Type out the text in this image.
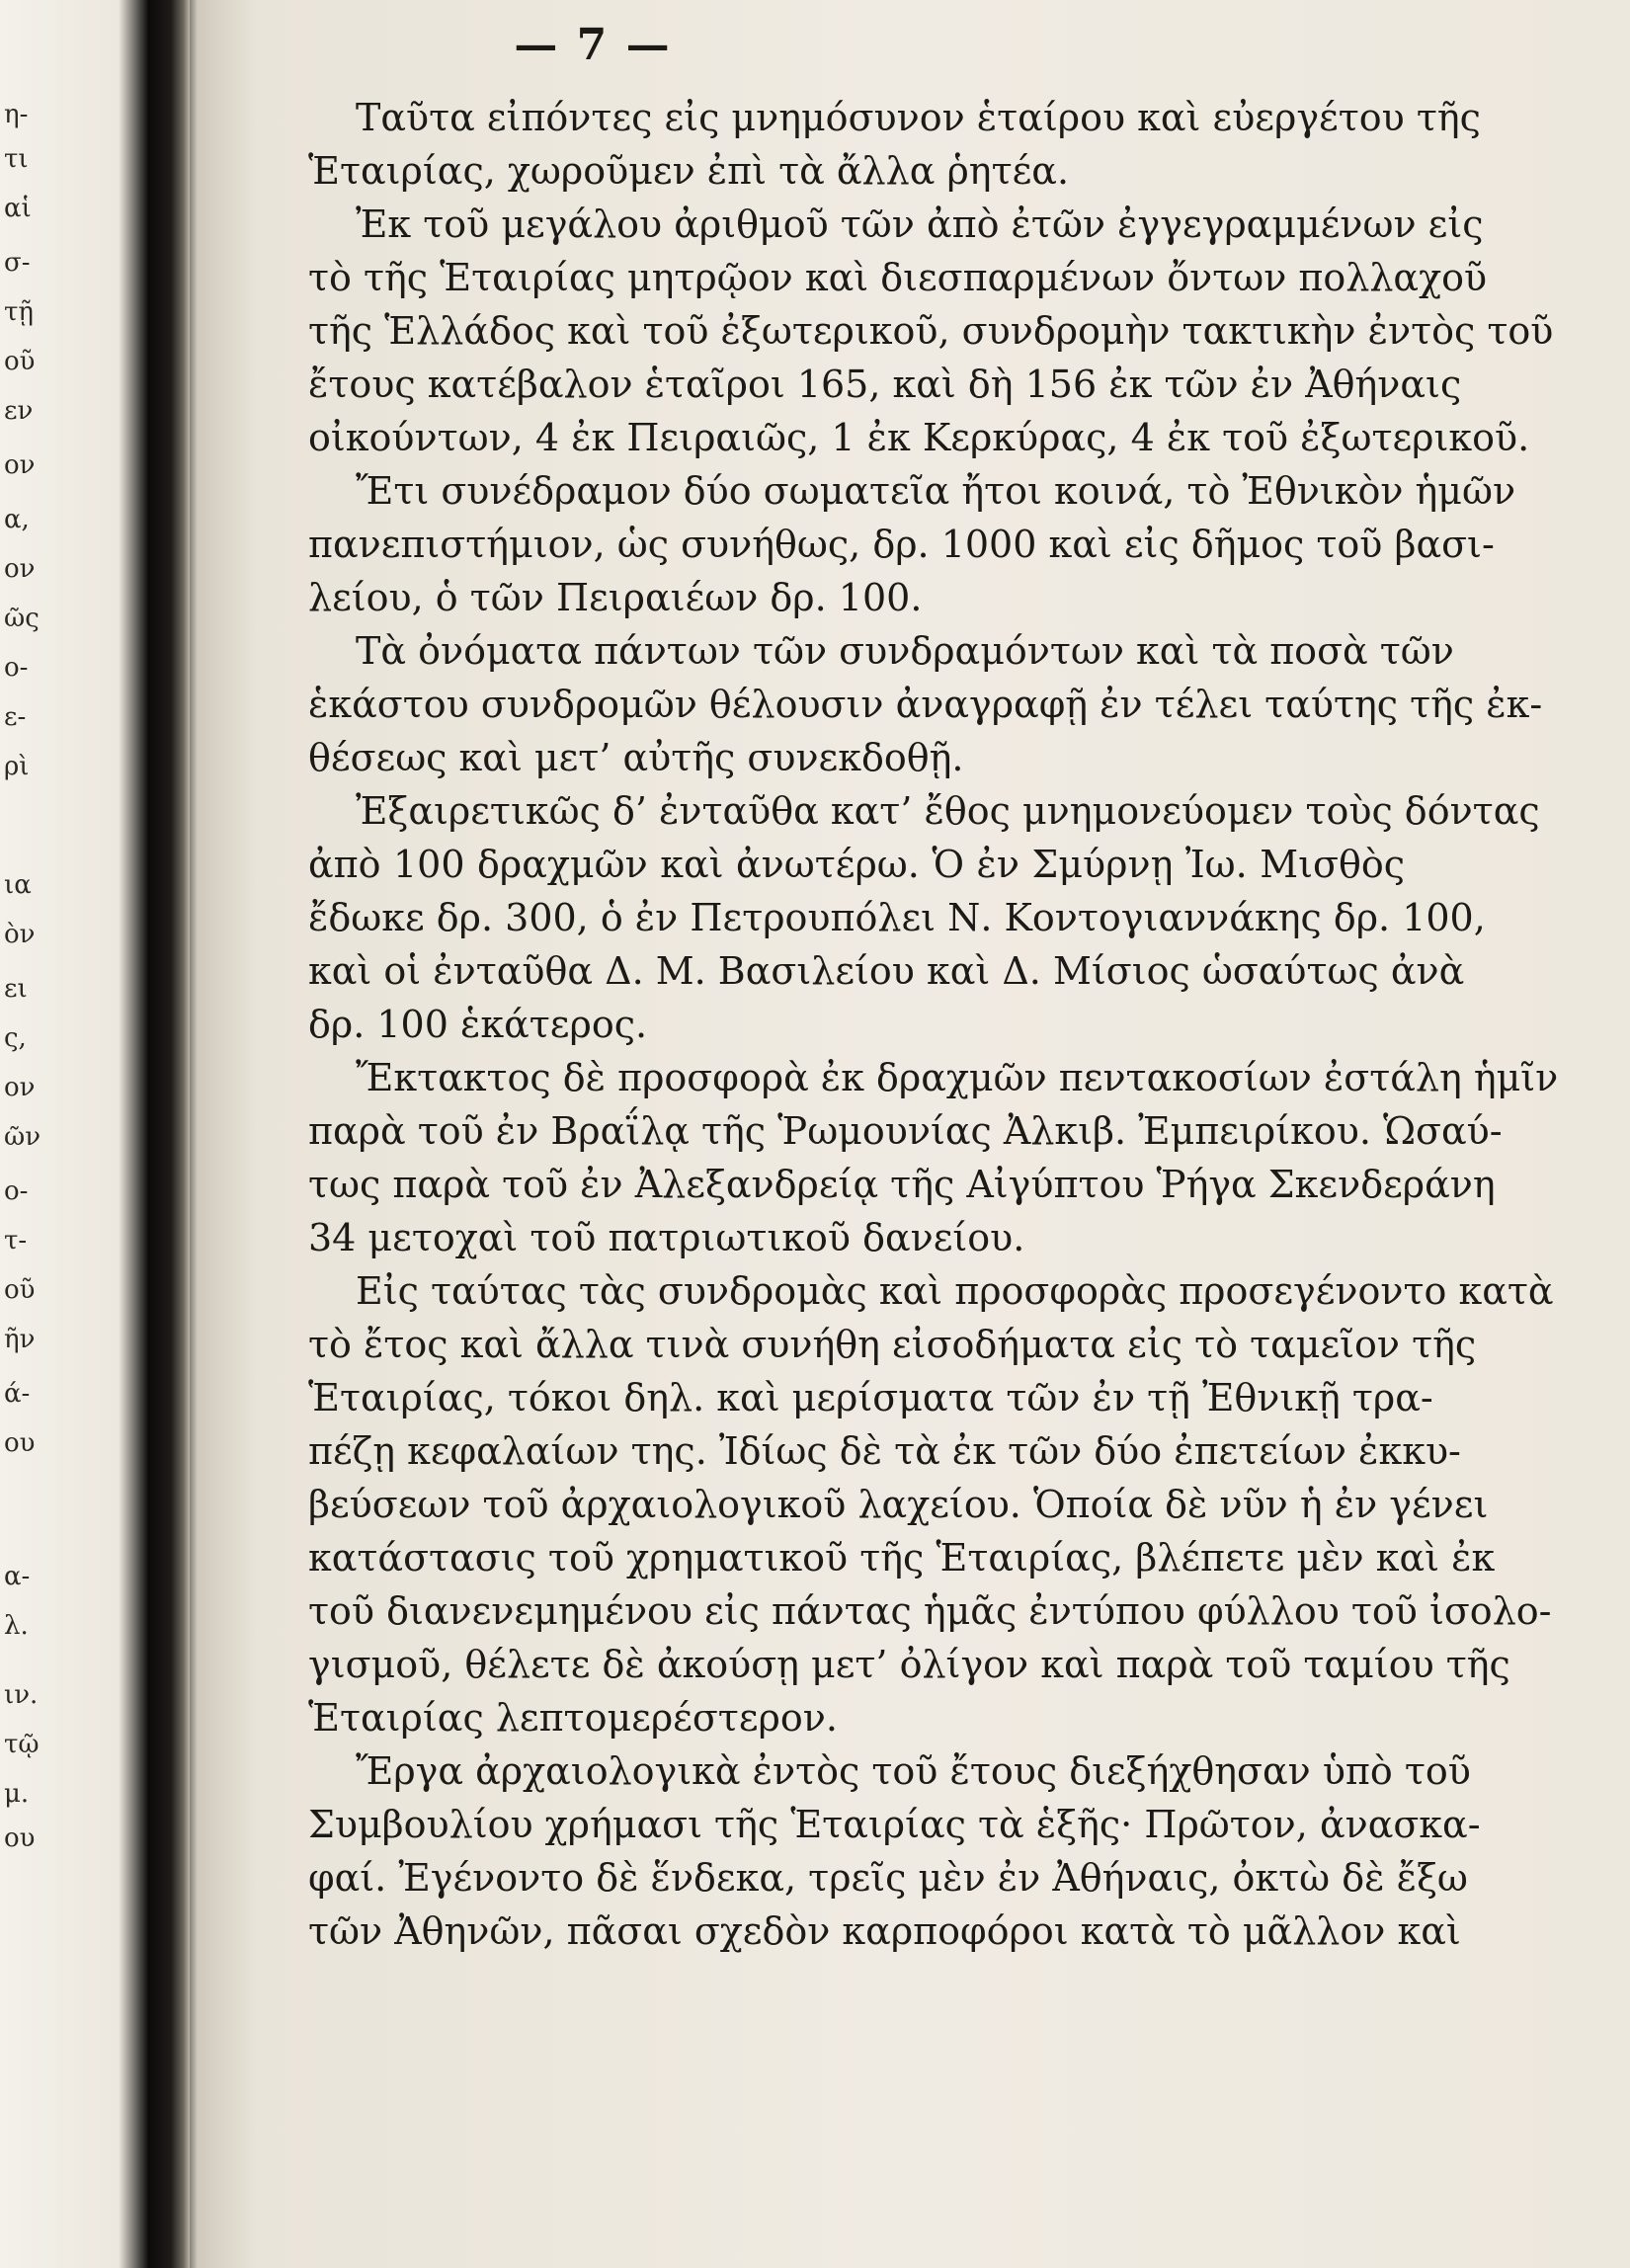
η-
τι
αἱ
σ-
τῇ
οῦ
εν
ον
α,
ον
ῶς
ο-
ε-
ρὶ
ια
ὸν
ει
ς,
ον
ῶν
ο-
τ-
οῦ
ῆν
ά-
ου
α-
λ.
ιν.
τῷ
μ.
ου
— 7 —
Ταῦτα εἰπόντες εἰς μνημόσυνον ἑταίρου καὶ εὐεργέτου τῆς
Ἑταιρίας, χωροῦμεν ἐπὶ τὰ ἄλλα ῥητέα.
Ἐκ τοῦ μεγάλου ἀριθμοῦ τῶν ἀπὸ ἐτῶν ἐγγεγραμμένων εἰς
τὸ τῆς Ἑταιρίας μητρῷον καὶ διεσπαρμένων ὄντων πολλαχοῦ
τῆς Ἑλλάδος καὶ τοῦ ἐξωτερικοῦ, συνδρομὴν τακτικὴν ἐντὸς τοῦ
ἔτους κατέβαλον ἑταῖροι 165, καὶ δὴ 156 ἐκ τῶν ἐν Ἀθήναις
οἰκούντων, 4 ἐκ Πειραιῶς, 1 ἐκ Κερκύρας, 4 ἐκ τοῦ ἐξωτερικοῦ.
Ἔτι συνέδραμον δύο σωματεῖα ἤτοι κοινά, τὸ Ἐθνικὸν ἡμῶν
πανεπιστήμιον, ὡς συνήθως, δρ. 1000 καὶ εἰς δῆμος τοῦ βασι-
λείου, ὁ τῶν Πειραιέων δρ. 100.
Τὰ ὀνόματα πάντων τῶν συνδραμόντων καὶ τὰ ποσὰ τῶν
ἑκάστου συνδρομῶν θέλουσιν ἀναγραφῇ ἐν τέλει ταύτης τῆς ἐκ-
θέσεως καὶ μετ’ αὐτῆς συνεκδοθῇ.
Ἐξαιρετικῶς δ’ ἐνταῦθα κατ’ ἔθος μνημονεύομεν τοὺς δόντας
ἀπὸ 100 δραχμῶν καὶ ἀνωτέρω. Ὁ ἐν Σμύρνῃ Ἰω. Μισθὸς
ἔδωκε δρ. 300, ὁ ἐν Πετρουπόλει Ν. Κοντογιαννάκης δρ. 100,
καὶ οἱ ἐνταῦθα Δ. Μ. Βασιλείου καὶ Δ. Μίσιος ὡσαύτως ἀνὰ
δρ. 100 ἑκάτερος.
Ἔκτακτος δὲ προσφορὰ ἐκ δραχμῶν πεντακοσίων ἐστάλη ἡμῖν
παρὰ τοῦ ἐν Βραΐλᾳ τῆς Ῥωμουνίας Ἀλκιβ. Ἐμπειρίκου. Ὡσαύ-
τως παρὰ τοῦ ἐν Ἀλεξανδρείᾳ τῆς Αἰγύπτου Ῥήγα Σκενδεράνη
34 μετοχαὶ τοῦ πατριωτικοῦ δανείου.
Εἰς ταύτας τὰς συνδρομὰς καὶ προσφορὰς προσεγένοντο κατὰ
τὸ ἔτος καὶ ἄλλα τινὰ συνήθη εἰσοδήματα εἰς τὸ ταμεῖον τῆς
Ἑταιρίας, τόκοι δηλ. καὶ μερίσματα τῶν ἐν τῇ Ἐθνικῇ τρα-
πέζῃ κεφαλαίων της. Ἰδίως δὲ τὰ ἐκ τῶν δύο ἐπετείων ἐκκυ-
βεύσεων τοῦ ἀρχαιολογικοῦ λαχείου. Ὁποία δὲ νῦν ἡ ἐν γένει
κατάστασις τοῦ χρηματικοῦ τῆς Ἑταιρίας, βλέπετε μὲν καὶ ἐκ
τοῦ διανενεμημένου εἰς πάντας ἡμᾶς ἐντύπου φύλλου τοῦ ἰσολο-
γισμοῦ, θέλετε δὲ ἀκούσῃ μετ’ ὀλίγον καὶ παρὰ τοῦ ταμίου τῆς
Ἑταιρίας λεπτομερέστερον.
Ἔργα ἀρχαιολογικὰ ἐντὸς τοῦ ἔτους διεξήχθησαν ὑπὸ τοῦ
Συμβουλίου χρήμασι τῆς Ἑταιρίας τὰ ἑξῆς· Πρῶτον, ἀνασκα-
φαί. Ἐγένοντο δὲ ἕνδεκα, τρεῖς μὲν ἐν Ἀθήναις, ὀκτὼ δὲ ἔξω
τῶν Ἀθηνῶν, πᾶσαι σχεδὸν καρποφόροι κατὰ τὸ μᾶλλον καὶ
